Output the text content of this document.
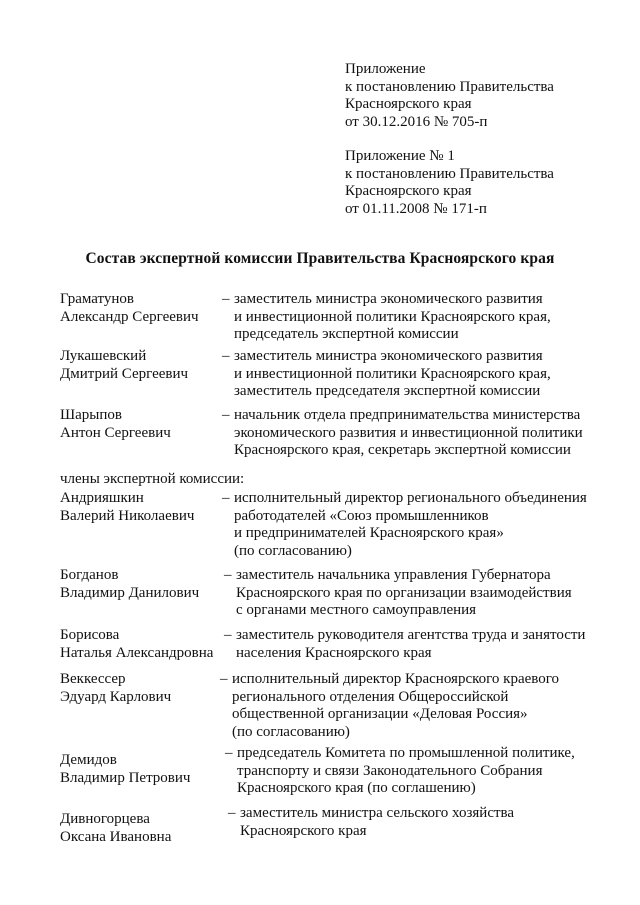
Приложение
к постановлению Правительства
Красноярского края
от 30.12.2016 № 705-п
Приложение № 1
к постановлению Правительства
Красноярского края
от 01.11.2008 № 171-п
Состав экспертной комиссии Правительства Красноярского края
Граматунов
Александр Сергеевич
– заместитель министра экономического развития
и инвестиционной политики Красноярского края,
председатель экспертной комиссии
Лукашевский
Дмитрий Сергеевич
– заместитель министра экономического развития
и инвестиционной политики Красноярского края,
заместитель председателя экспертной комиссии
Шарыпов
Антон Сергеевич
– начальник отдела предпринимательства министерства
экономического развития и инвестиционной политики
Красноярского края, секретарь экспертной комиссии
члены экспертной комиссии:
Андрияшкин
Валерий Николаевич
– исполнительный директор регионального объединения
работодателей «Союз промышленников
и предпринимателей Красноярского края»
(по согласованию)
Богданов
Владимир Данилович
– заместитель начальника управления Губернатора
Красноярского края по организации взаимодействия
с органами местного самоуправления
Борисова
Наталья Александровна
– заместитель руководителя агентства труда и занятости
населения Красноярского края
Веккессер
Эдуард Карлович
– исполнительный директор Красноярского краевого
регионального отделения Общероссийской
общественной организации «Деловая Россия»
(по согласованию)
Демидов
Владимир Петрович
– председатель Комитета по промышленной политике,
транспорту и связи Законодательного Собрания
Красноярского края (по соглашению)
Дивногорцева
Оксана Ивановна
– заместитель министра сельского хозяйства
Красноярского края
